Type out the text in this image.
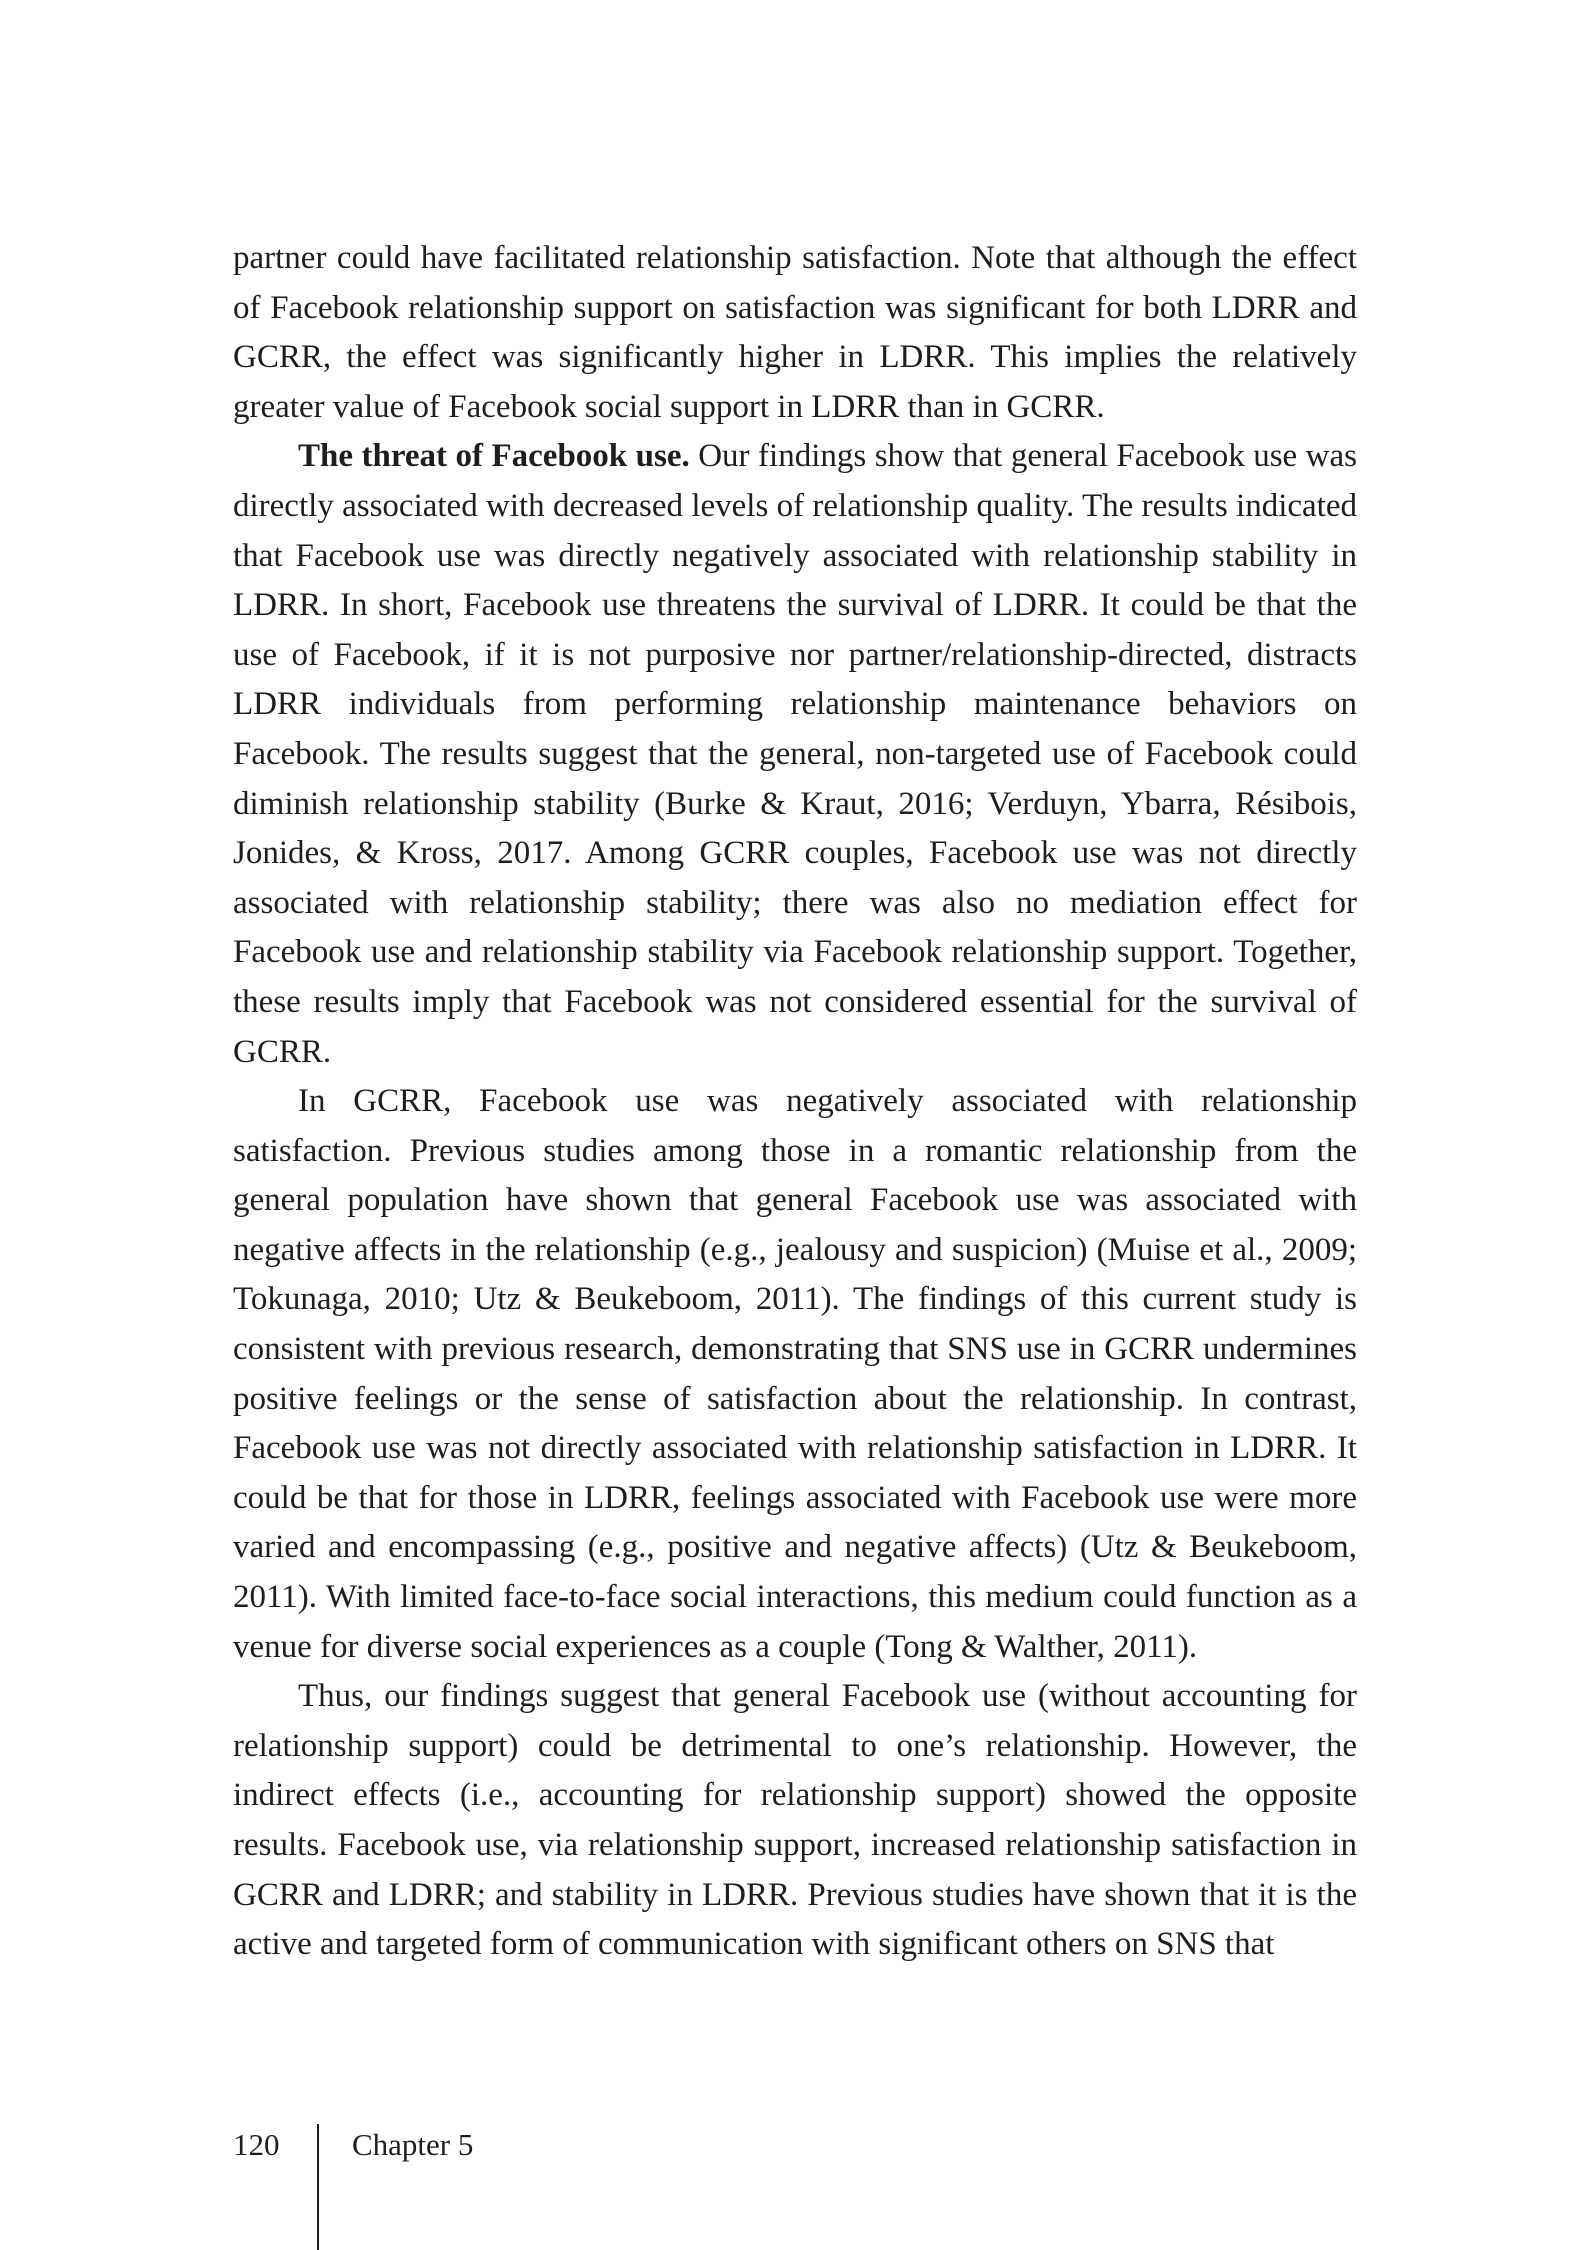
partner could have facilitated relationship satisfaction. Note that although the effect of Facebook relationship support on satisfaction was significant for both LDRR and GCRR, the effect was significantly higher in LDRR. This implies the relatively greater value of Facebook social support in LDRR than in GCRR.

The threat of Facebook use. Our findings show that general Facebook use was directly associated with decreased levels of relationship quality. The results indicated that Facebook use was directly negatively associated with relationship stability in LDRR. In short, Facebook use threatens the survival of LDRR. It could be that the use of Facebook, if it is not purposive nor partner/relationship-directed, distracts LDRR individuals from performing relationship maintenance behaviors on Facebook. The results suggest that the general, non-targeted use of Facebook could diminish relationship stability (Burke & Kraut, 2016; Verduyn, Ybarra, Résibois, Jonides, & Kross, 2017. Among GCRR couples, Facebook use was not directly associated with relationship stability; there was also no mediation effect for Facebook use and relationship stability via Facebook relationship support. Together, these results imply that Facebook was not considered essential for the survival of GCRR.

In GCRR, Facebook use was negatively associated with relationship satisfaction. Previous studies among those in a romantic relationship from the general population have shown that general Facebook use was associated with negative affects in the relationship (e.g., jealousy and suspicion) (Muise et al., 2009; Tokunaga, 2010; Utz & Beukeboom, 2011). The findings of this current study is consistent with previous research, demonstrating that SNS use in GCRR undermines positive feelings or the sense of satisfaction about the relationship. In contrast, Facebook use was not directly associated with relationship satisfaction in LDRR. It could be that for those in LDRR, feelings associated with Facebook use were more varied and encompassing (e.g., positive and negative affects) (Utz & Beukeboom, 2011). With limited face-to-face social interactions, this medium could function as a venue for diverse social experiences as a couple (Tong & Walther, 2011).

Thus, our findings suggest that general Facebook use (without accounting for relationship support) could be detrimental to one’s relationship. However, the indirect effects (i.e., accounting for relationship support) showed the opposite results. Facebook use, via relationship support, increased relationship satisfaction in GCRR and LDRR; and stability in LDRR. Previous studies have shown that it is the active and targeted form of communication with significant others on SNS that

120 Chapter 5
